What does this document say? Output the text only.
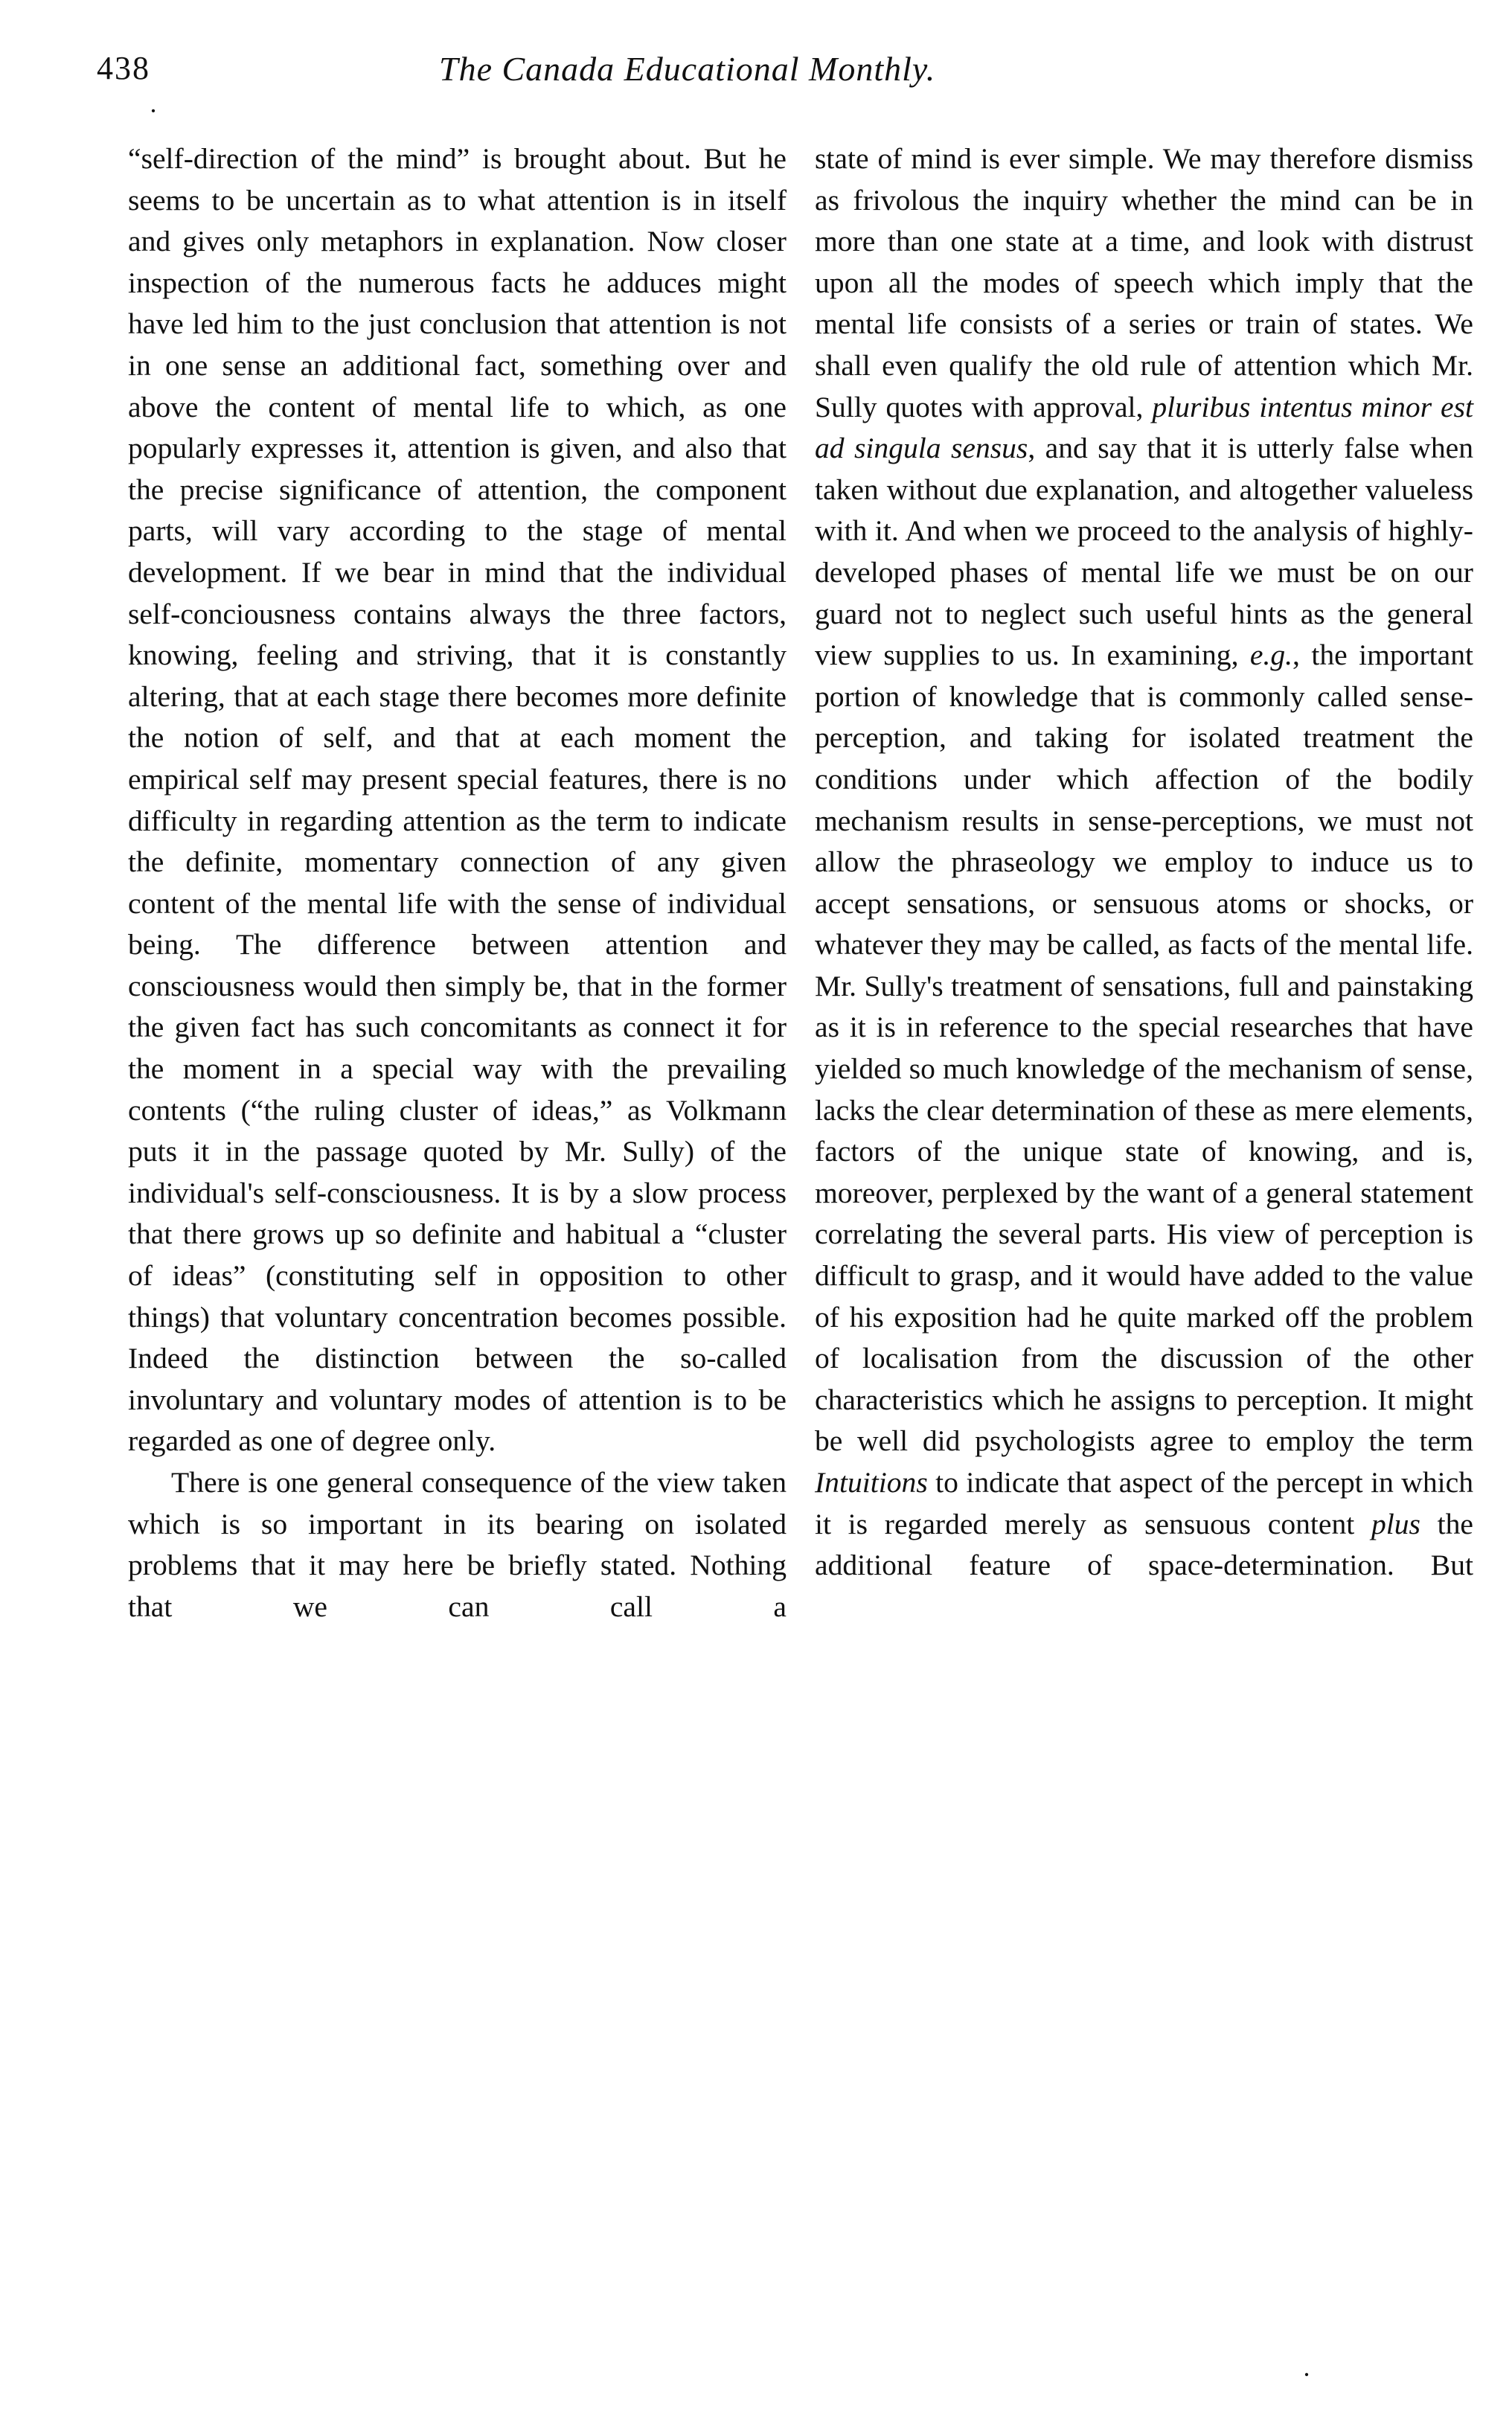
438	The Canada Educational Monthly.
·

“self-direction of the mind” is brought about. But he seems to be uncertain as to what attention is in itself and gives only metaphors in explanation. Now closer inspection of the numerous facts he adduces might have led him to the just conclusion that attention is not in one sense an additional fact, something over and above the content of mental life to which, as one popularly expresses it, attention is given, and also that the precise significance of attention, the component parts, will vary according to the stage of mental development. If we bear in mind that the individual self-conciousness contains always the three factors, knowing, feeling and striving, that it is constantly altering, that at each stage there becomes more definite the notion of self, and that at each moment the empirical self may present special features, there is no difficulty in regarding attention as the term to indicate the definite, momentary connection of any given content of the mental life with the sense of individual being. The difference between attention and consciousness would then simply be, that in the former the given fact has such concomitants as connect it for the moment in a special way with the prevailing contents (“the ruling cluster of ideas,” as Volkmann puts it in the passage quoted by Mr. Sully) of the individual's self-consciousness. It is by a slow process that there grows up so definite and habitual a “cluster of ideas” (constituting self in opposition to other things) that voluntary concentration becomes possible. Indeed the distinction between the so-called involuntary and voluntary modes of attention is to be regarded as one of degree only.

There is one general consequence of the view taken which is so important in its bearing on isolated problems that it may here be briefly stated. Nothing that we can call a

state of mind is ever simple. We may therefore dismiss as frivolous the inquiry whether the mind can be in more than one state at a time, and look with distrust upon all the modes of speech which imply that the mental life consists of a series or train of states. We shall even qualify the old rule of attention which Mr. Sully quotes with approval, pluribus intentus minor est ad singula sensus, and say that it is utterly false when taken without due explanation, and altogether valueless with it. And when we proceed to the analysis of highly-developed phases of mental life we must be on our guard not to neglect such useful hints as the general view supplies to us. In examining, e.g., the important portion of knowledge that is commonly called sense-perception, and taking for isolated treatment the conditions under which affection of the bodily mechanism results in sense-perceptions, we must not allow the phraseology we employ to induce us to accept sensations, or sensuous atoms or shocks, or whatever they may be called, as facts of the mental life. Mr. Sully's treatment of sensations, full and painstaking as it is in reference to the special researches that have yielded so much knowledge of the mechanism of sense, lacks the clear determination of these as mere elements, factors of the unique state of knowing, and is, moreover, perplexed by the want of a general statement correlating the several parts. His view of perception is difficult to grasp, and it would have added to the value of his exposition had he quite marked off the problem of localisation from the discussion of the other characteristics which he assigns to perception. It might be well did psychologists agree to employ the term Intuitions to indicate that aspect of the percept in which it is regarded merely as sensuous content plus the additional feature of space-determination. But

·
